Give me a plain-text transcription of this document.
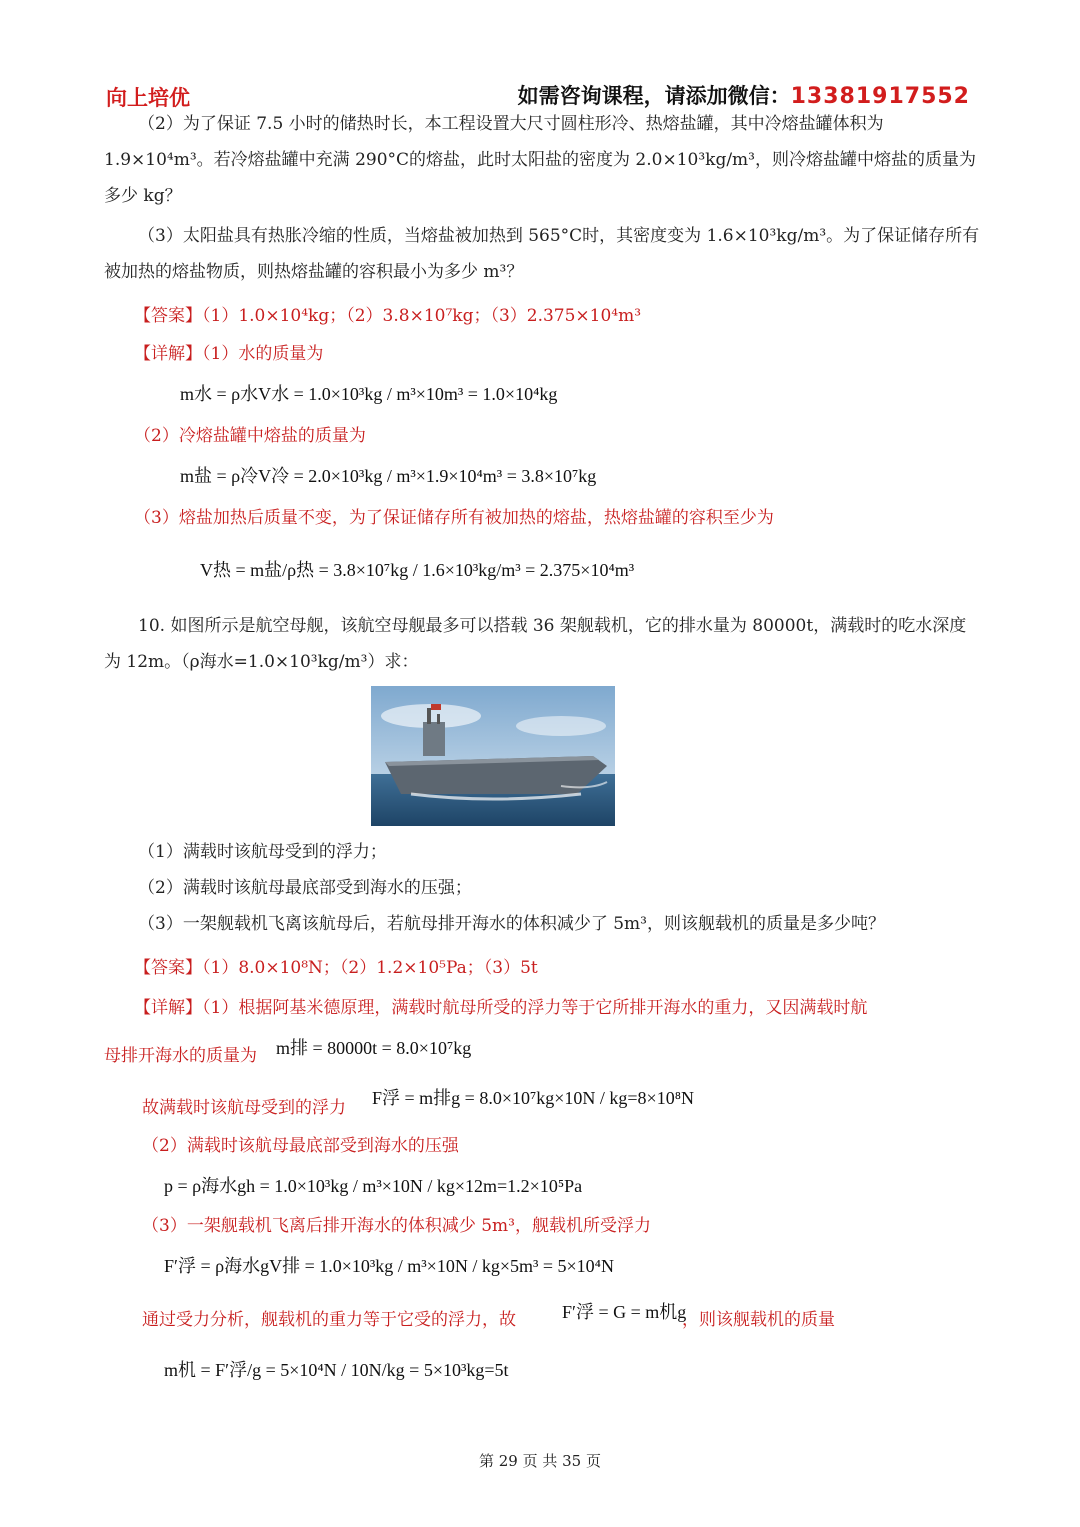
向上培优	如需咨询课程，请添加微信：13381917552
（2）为了保证 7.5 小时的储热时长，本工程设置大尺寸圆柱形冷、热熔盐罐，其中冷熔盐罐体积为 1.9×10⁴m³。若冷熔盐罐中充满 290°C的熔盐，此时太阳盐的密度为 2.0×10³kg/m³，则冷熔盐罐中熔盐的质量为多少 kg？
（3）太阳盐具有热胀冷缩的性质，当熔盐被加热到 565°C时，其密度变为 1.6×10³kg/m³。为了保证储存所有被加热的熔盐物质，则热熔盐罐的容积最小为多少 m³？
【答案】（1）1.0×10⁴kg；（2）3.8×10⁷kg；（3）2.375×10⁴m³
【详解】（1）水的质量为
m水 = ρ水V水 = 1.0×10³kg / m³×10m³ = 1.0×10⁴kg
（2）冷熔盐罐中熔盐的质量为
m盐 = ρ冷V冷 = 2.0×10³kg / m³×1.9×10⁴m³ = 3.8×10⁷kg
（3）熔盐加热后质量不变，为了保证储存所有被加热的熔盐，热熔盐罐的容积至少为
V热 = m盐/ρ热 = 3.8×10⁷kg / 1.6×10³kg/m³ = 2.375×10⁴m³
10. 如图所示是航空母舰，该航空母舰最多可以搭载 36 架舰载机，它的排水量为 80000t，满载时的吃水深度为 12m。（ρ海水=1.0×10³kg/m³）求：
（1）满载时该航母受到的浮力；
（2）满载时该航母最底部受到海水的压强；
（3）一架舰载机飞离该航母后，若航母排开海水的体积减少了 5m³，则该舰载机的质量是多少吨？
【答案】（1）8.0×10⁸N；（2）1.2×10⁵Pa；（3）5t
【详解】（1）根据阿基米德原理，满载时航母所受的浮力等于它所排开海水的重力，又因满载时航
母排开海水的质量为	m排 = 80000t = 8.0×10⁷kg
故满载时该航母受到的浮力	F浮 = m排g = 8.0×10⁷kg×10N / kg=8×10⁸N
（2）满载时该航母最底部受到海水的压强
p = ρ海水gh = 1.0×10³kg / m³×10N / kg×12m=1.2×10⁵Pa
（3）一架舰载机飞离后排开海水的体积减少 5m³，舰载机所受浮力
F′浮 = ρ海水gV排 = 1.0×10³kg / m³×10N / kg×5m³ = 5×10⁴N
通过受力分析，舰载机的重力等于它受的浮力，故	F′浮 = G = m机g
，则该舰载机的质量
m机 = F′浮/g = 5×10⁴N / 10N/kg = 5×10³kg=5t
第 29 页 共 35 页
